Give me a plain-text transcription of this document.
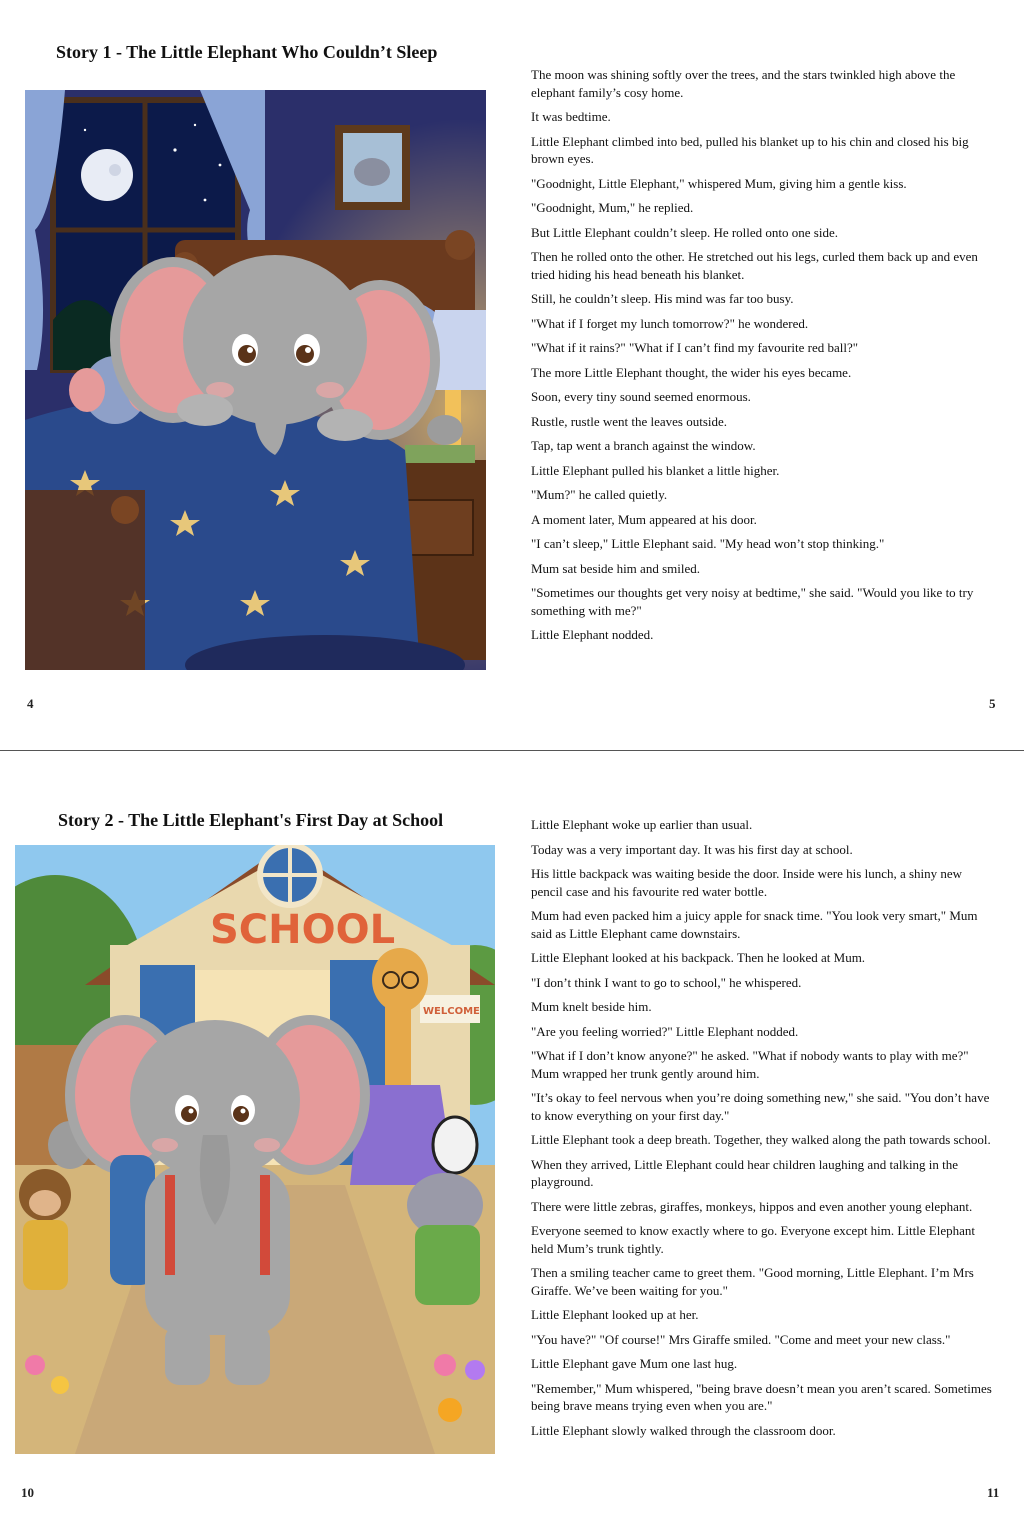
Story 1 - The Little Elephant Who Couldn’t Sleep

The moon was shining softly over the trees, and the stars twinkled high above the elephant family’s cosy home.

It was bedtime.

Little Elephant climbed into bed, pulled his blanket up to his chin and closed his big brown eyes.

"Goodnight, Little Elephant," whispered Mum, giving him a gentle kiss.

"Goodnight, Mum," he replied.

But Little Elephant couldn’t sleep. He rolled onto one side.

Then he rolled onto the other. He stretched out his legs, curled them back up and even tried hiding his head beneath his blanket.

Still, he couldn’t sleep. His mind was far too busy.

"What if I forget my lunch tomorrow?" he wondered.

"What if it rains?" "What if I can’t find my favourite red ball?"

The more Little Elephant thought, the wider his eyes became.

Soon, every tiny sound seemed enormous.

Rustle, rustle went the leaves outside.

Tap, tap went a branch against the window.

Little Elephant pulled his blanket a little higher.

"Mum?" he called quietly.

A moment later, Mum appeared at his door.

"I can’t sleep," Little Elephant said. "My head won’t stop thinking."

Mum sat beside him and smiled.

"Sometimes our thoughts get very noisy at bedtime," she said. "Would you like to try something with me?"

Little Elephant nodded.

4	5
Story 2 - The Little Elephant's First Day at School
SCHOOL
WELCOME

Little Elephant woke up earlier than usual.

Today was a very important day. It was his first day at school.

His little backpack was waiting beside the door. Inside were his lunch, a shiny new pencil case and his favourite red water bottle.

Mum had even packed him a juicy apple for snack time. "You look very smart," Mum said as Little Elephant came downstairs.

Little Elephant looked at his backpack. Then he looked at Mum.

"I don’t think I want to go to school," he whispered.

Mum knelt beside him.

"Are you feeling worried?" Little Elephant nodded.

"What if I don’t know anyone?" he asked. "What if nobody wants to play with me?" Mum wrapped her trunk gently around him.

"It’s okay to feel nervous when you’re doing something new," she said. "You don’t have to know everything on your first day."

Little Elephant took a deep breath. Together, they walked along the path towards school.

When they arrived, Little Elephant could hear children laughing and talking in the playground.

There were little zebras, giraffes, monkeys, hippos and even another young elephant.

Everyone seemed to know exactly where to go. Everyone except him. Little Elephant held Mum’s trunk tightly.

Then a smiling teacher came to greet them. "Good morning, Little Elephant. I’m Mrs Giraffe. We’ve been waiting for you."

Little Elephant looked up at her.

"You have?" "Of course!" Mrs Giraffe smiled. "Come and meet your new class."

Little Elephant gave Mum one last hug.

"Remember," Mum whispered, "being brave doesn’t mean you aren’t scared. Sometimes being brave means trying even when you are."

Little Elephant slowly walked through the classroom door.

10	11
